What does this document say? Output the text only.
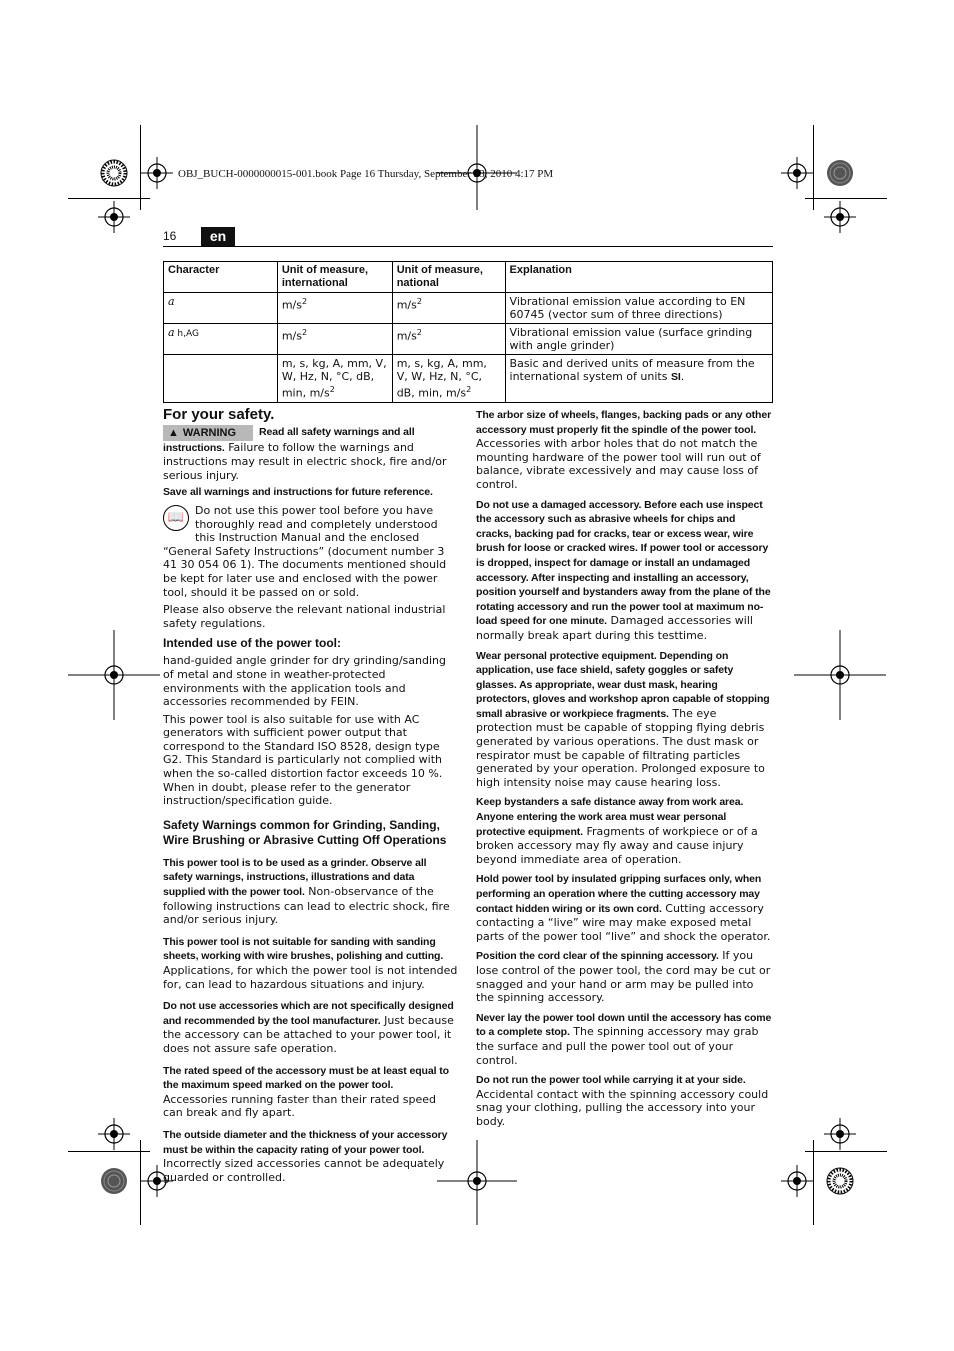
OBJ_BUCH-0000000015-001.book Page 16 Thursday, September 23, 2010 4:17 PM
16	en
Character	Unit of measure, international	Unit of measure, national	Explanation
a	$m/s^2$	$m/s^2$	Vibrational emission value according to EN 60745 (vector sum of three directions)
a h,AG	$m/s^2$	$m/s^2$	Vibrational emission value (surface grinding with angle grinder)
	m, s, kg, A, mm, V, W, Hz, N, °C, dB, min, $m/s^2$	m, s, kg, A, mm, V, W, Hz, N, °C, dB, min, $m/s^2$	Basic and derived units of measure from the international system of units SI.
For your safety.

▲ WARNING Read all safety warnings and all instructions. Failure to follow the warnings and instructions may result in electric shock, fire and/or serious injury.

Save all warnings and instructions for future reference.

📖 Do not use this power tool before you have thoroughly read and completely understood this Instruction Manual and the enclosed “General Safety Instructions” (document number 3 41 30 054 06 1). The documents mentioned should be kept for later use and enclosed with the power tool, should it be passed on or sold.

Please also observe the relevant national industrial safety regulations.

Intended use of the power tool:

hand-guided angle grinder for dry grinding/sanding of metal and stone in weather-protected environments with the application tools and accessories recommended by FEIN.

This power tool is also suitable for use with AC generators with sufficient power output that correspond to the Standard ISO 8528, design type G2. This Standard is particularly not complied with when the so-called distortion factor exceeds 10 %. When in doubt, please refer to the generator instruction/specification guide.

Safety Warnings common for Grinding, Sanding, Wire Brushing or Abrasive Cutting Off Operations

This power tool is to be used as a grinder. Observe all safety warnings, instructions, illustrations and data supplied with the power tool. Non-observance of the following instructions can lead to electric shock, fire and/or serious injury.

This power tool is not suitable for sanding with sanding sheets, working with wire brushes, polishing and cutting. Applications, for which the power tool is not intended for, can lead to hazardous situations and injury.

Do not use accessories which are not specifically designed and recommended by the tool manufacturer. Just because the accessory can be attached to your power tool, it does not assure safe operation.

The rated speed of the accessory must be at least equal to the maximum speed marked on the power tool. Accessories running faster than their rated speed can break and fly apart.

The outside diameter and the thickness of your accessory must be within the capacity rating of your power tool. Incorrectly sized accessories cannot be adequately guarded or controlled.

The arbor size of wheels, flanges, backing pads or any other accessory must properly fit the spindle of the power tool. Accessories with arbor holes that do not match the mounting hardware of the power tool will run out of balance, vibrate excessively and may cause loss of control.

Do not use a damaged accessory. Before each use inspect the accessory such as abrasive wheels for chips and cracks, backing pad for cracks, tear or excess wear, wire brush for loose or cracked wires. If power tool or accessory is dropped, inspect for damage or install an undamaged accessory. After inspecting and installing an accessory, position yourself and bystanders away from the plane of the rotating accessory and run the power tool at maximum no-load speed for one minute. Damaged accessories will normally break apart during this testtime.

Wear personal protective equipment. Depending on application, use face shield, safety goggles or safety glasses. As appropriate, wear dust mask, hearing protectors, gloves and workshop apron capable of stopping small abrasive or workpiece fragments. The eye protection must be capable of stopping flying debris generated by various operations. The dust mask or respirator must be capable of filtrating particles generated by your operation. Prolonged exposure to high intensity noise may cause hearing loss.

Keep bystanders a safe distance away from work area. Anyone entering the work area must wear personal protective equipment. Fragments of workpiece or of a broken accessory may fly away and cause injury beyond immediate area of operation.

Hold power tool by insulated gripping surfaces only, when performing an operation where the cutting accessory may contact hidden wiring or its own cord. Cutting accessory contacting a “live” wire may make exposed metal parts of the power tool “live” and shock the operator.

Position the cord clear of the spinning accessory. If you lose control of the power tool, the cord may be cut or snagged and your hand or arm may be pulled into the spinning accessory.

Never lay the power tool down until the accessory has come to a complete stop. The spinning accessory may grab the surface and pull the power tool out of your control.

Do not run the power tool while carrying it at your side. Accidental contact with the spinning accessory could snag your clothing, pulling the accessory into your body.
